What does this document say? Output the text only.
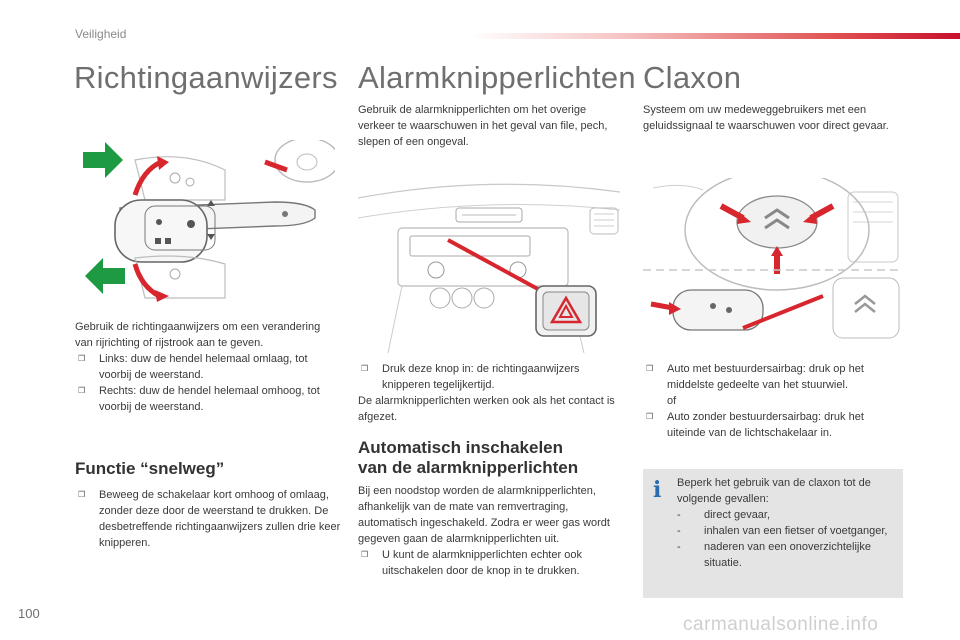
Veiligheid
Richtingaanwijzers
Gebruik de richtingaanwijzers om een verandering van rijrichting of rijstrook aan te geven.
❒ Links: duw de hendel helemaal omlaag, tot voorbij de weerstand.
❒ Rechts: duw de hendel helemaal omhoog, tot voorbij de weerstand.
Functie “snelweg”
❒ Beweeg de schakelaar kort omhoog of omlaag, zonder deze door de weerstand te drukken. De desbetreffende richtingaanwijzers zullen drie keer knipperen.
Alarmknipperlichten
Gebruik de alarmknipperlichten om het overige verkeer te waarschuwen in het geval van file, pech, slepen of een ongeval.
❒ Druk deze knop in: de richtingaanwijzers knipperen tegelijkertijd.
De alarmknipperlichten werken ook als het contact is afgezet.
Automatisch inschakelen
van de alarmknipperlichten
Bij een noodstop worden de alarmknipperlichten, afhankelijk van de mate van remvertraging, automatisch ingeschakeld. Zodra er weer gas wordt gegeven gaan de alarmknipperlichten uit.
❒ U kunt de alarmknipperlichten echter ook uitschakelen door de knop in te drukken.
Claxon
Systeem om uw medeweggebruikers met een geluidssignaal te waarschuwen voor direct gevaar.
❒ Auto met bestuurdersairbag: druk op het middelste gedeelte van het stuurwiel.
of
❒ Auto zonder bestuurdersairbag: druk het uiteinde van de lichtschakelaar in.
i	Beperk het gebruik van de claxon tot de volgende gevallen:
- direct gevaar,
- inhalen van een fietser of voetganger,
- naderen van een onoverzichtelijke situatie.
100
carmanualsonline.info
